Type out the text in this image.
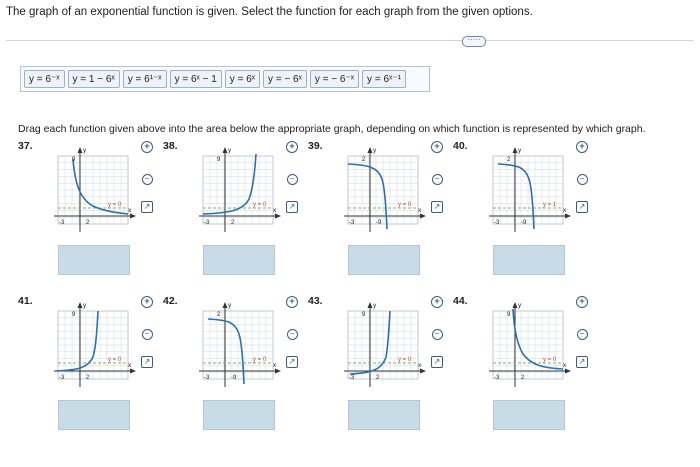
The graph of an exponential function is given. Select the function for each graph from the given options.
·····
y = 6⁻ˣ	y = 1 − 6ˣ	y = 6¹⁻ˣ	y = 6ˣ − 1	y = 6ˣ	y = − 6ˣ	y = − 6⁻ˣ	y = 6ˣ⁻¹
Drag each function given above into the area below the appropriate graph, depending on which function is represented by which graph.
37.	y
x
9
y = 0
-3	2
+
−
↗
38.	y
x
9
y = 0
-3	2
+
−
↗
39.	y
x
2
y = 0
-3	-9
+
−
↗
40.	y
x
2
y = 1
-3	-9
+
−
↗
41.	y
x
9
y = 0
-3	2
+
−
↗
42.	y
x
2
y = 0
-3	-9
+
−
↗
43.	y
x
9
y = 0
-3	2
+
−
↗
44.	y
x
9
y = 0
-3	2
+
−
↗
